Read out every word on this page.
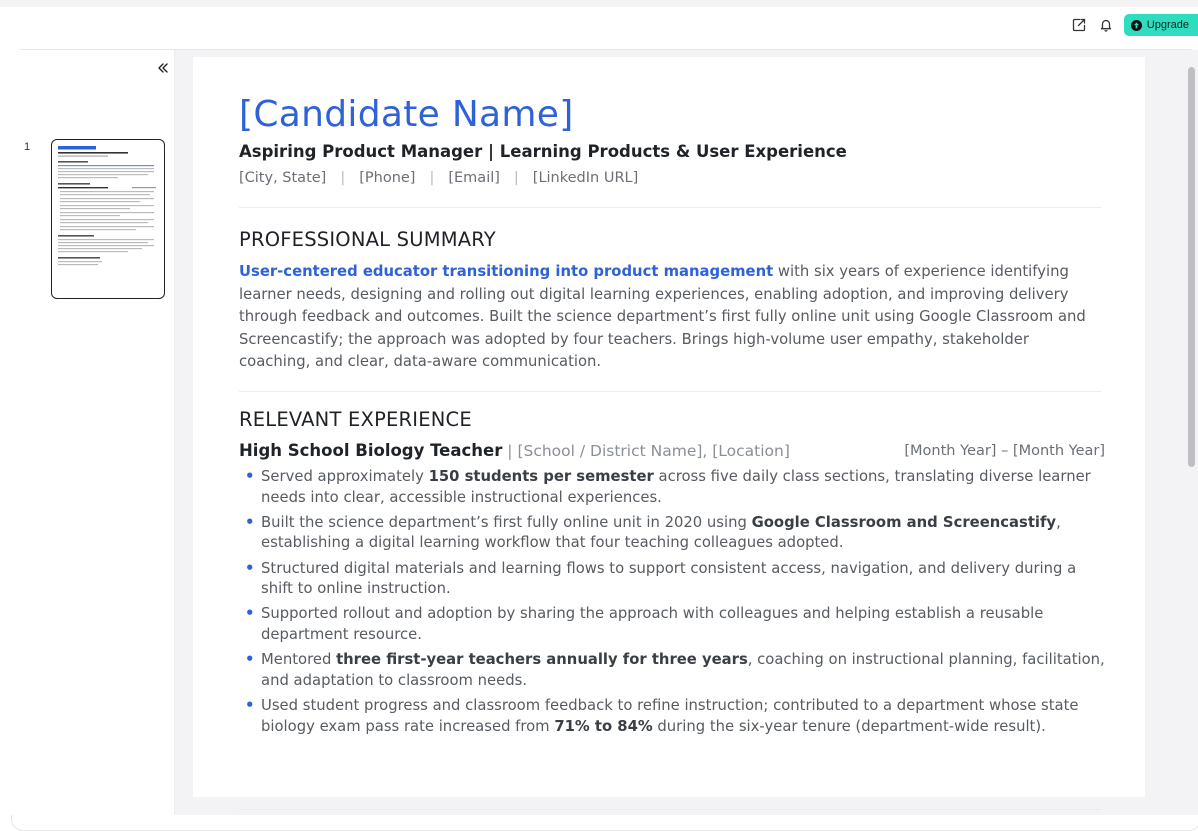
Upgrade
1
[Candidate Name]
Aspiring Product Manager | Learning Products & User Experience
[City, State] | [Phone] | [Email] | [LinkedIn URL]
PROFESSIONAL SUMMARY
User-centered educator transitioning into product management with six years of experience identifying learner needs, designing and rolling out digital learning experiences, enabling adoption, and improving delivery through feedback and outcomes. Built the science department’s first fully online unit using Google Classroom and Screencastify; the approach was adopted by four teachers. Brings high-volume user empathy, stakeholder coaching, and clear, data-aware communication.
RELEVANT EXPERIENCE
High School Biology Teacher | [School / District Name], [Location]	[Month Year] – [Month Year]
• Served approximately 150 students per semester across five daily class sections, translating diverse learner needs into clear, accessible instructional experiences.
• Built the science department’s first fully online unit in 2020 using Google Classroom and Screencastify, establishing a digital learning workflow that four teaching colleagues adopted.
• Structured digital materials and learning flows to support consistent access, navigation, and delivery during a shift to online instruction.
• Supported rollout and adoption by sharing the approach with colleagues and helping establish a reusable department resource.
• Mentored three first-year teachers annually for three years, coaching on instructional planning, facilitation, and adaptation to classroom needs.
• Used student progress and classroom feedback to refine instruction; contributed to a department whose state biology exam pass rate increased from 71% to 84% during the six-year tenure (department-wide result).
